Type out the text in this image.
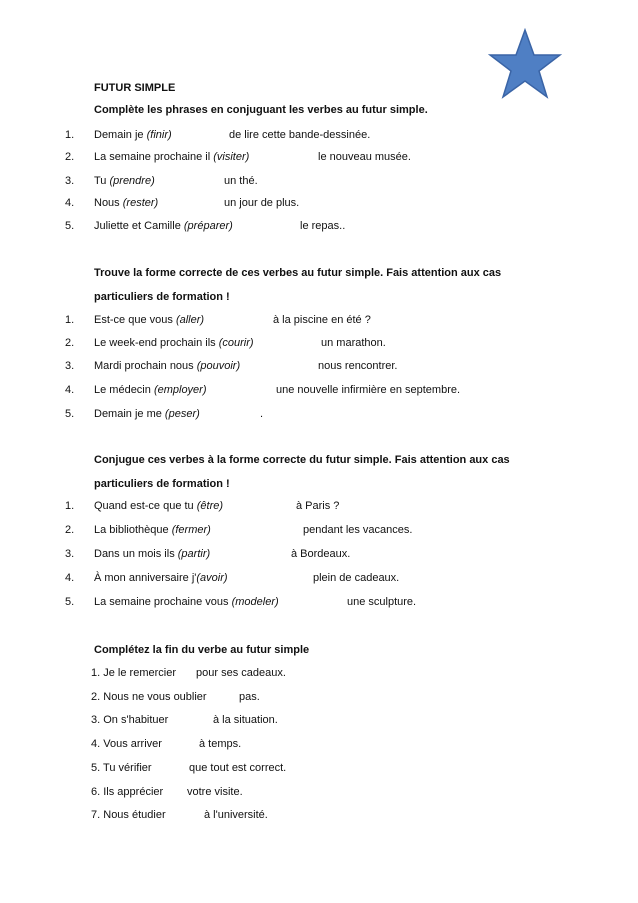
FUTUR SIMPLE
Complète les phrases en conjuguant les verbes au futur simple.
1. Demain je (finir)	de lire cette bande-dessinée.
2. La semaine prochaine il (visiter)	le nouveau musée.
3. Tu (prendre)	un thé.
4. Nous (rester)	un jour de plus.
5. Juliette et Camille (préparer)	le repas..
Trouve la forme correcte de ces verbes au futur simple. Fais attention aux cas
particuliers de formation !
1. Est-ce que vous (aller)	à la piscine en été ?
2. Le week-end prochain ils (courir)	un marathon.
3. Mardi prochain nous (pouvoir)	nous rencontrer.
4. Le médecin (employer)	une nouvelle infirmière en septembre.
5. Demain je me (peser)	.
Conjugue ces verbes à la forme correcte du futur simple. Fais attention aux cas
particuliers de formation !
1. Quand est-ce que tu (être)	à Paris ?
2. La bibliothèque (fermer)	pendant les vacances.
3. Dans un mois ils (partir)	à Bordeaux.
4. À mon anniversaire j'(avoir)	plein de cadeaux.
5. La semaine prochaine vous (modeler)	une sculpture.
Complétez la fin du verbe au futur simple
1. Je le remercier pour ses cadeaux.
2. Nous ne vous oublier	pas.
3. On s'habituer	à la situation.
4. Vous arriver	à temps.
5. Tu vérifier	que tout est correct.
6. Ils apprécier votre visite.
7. Nous étudier	à l'université.
